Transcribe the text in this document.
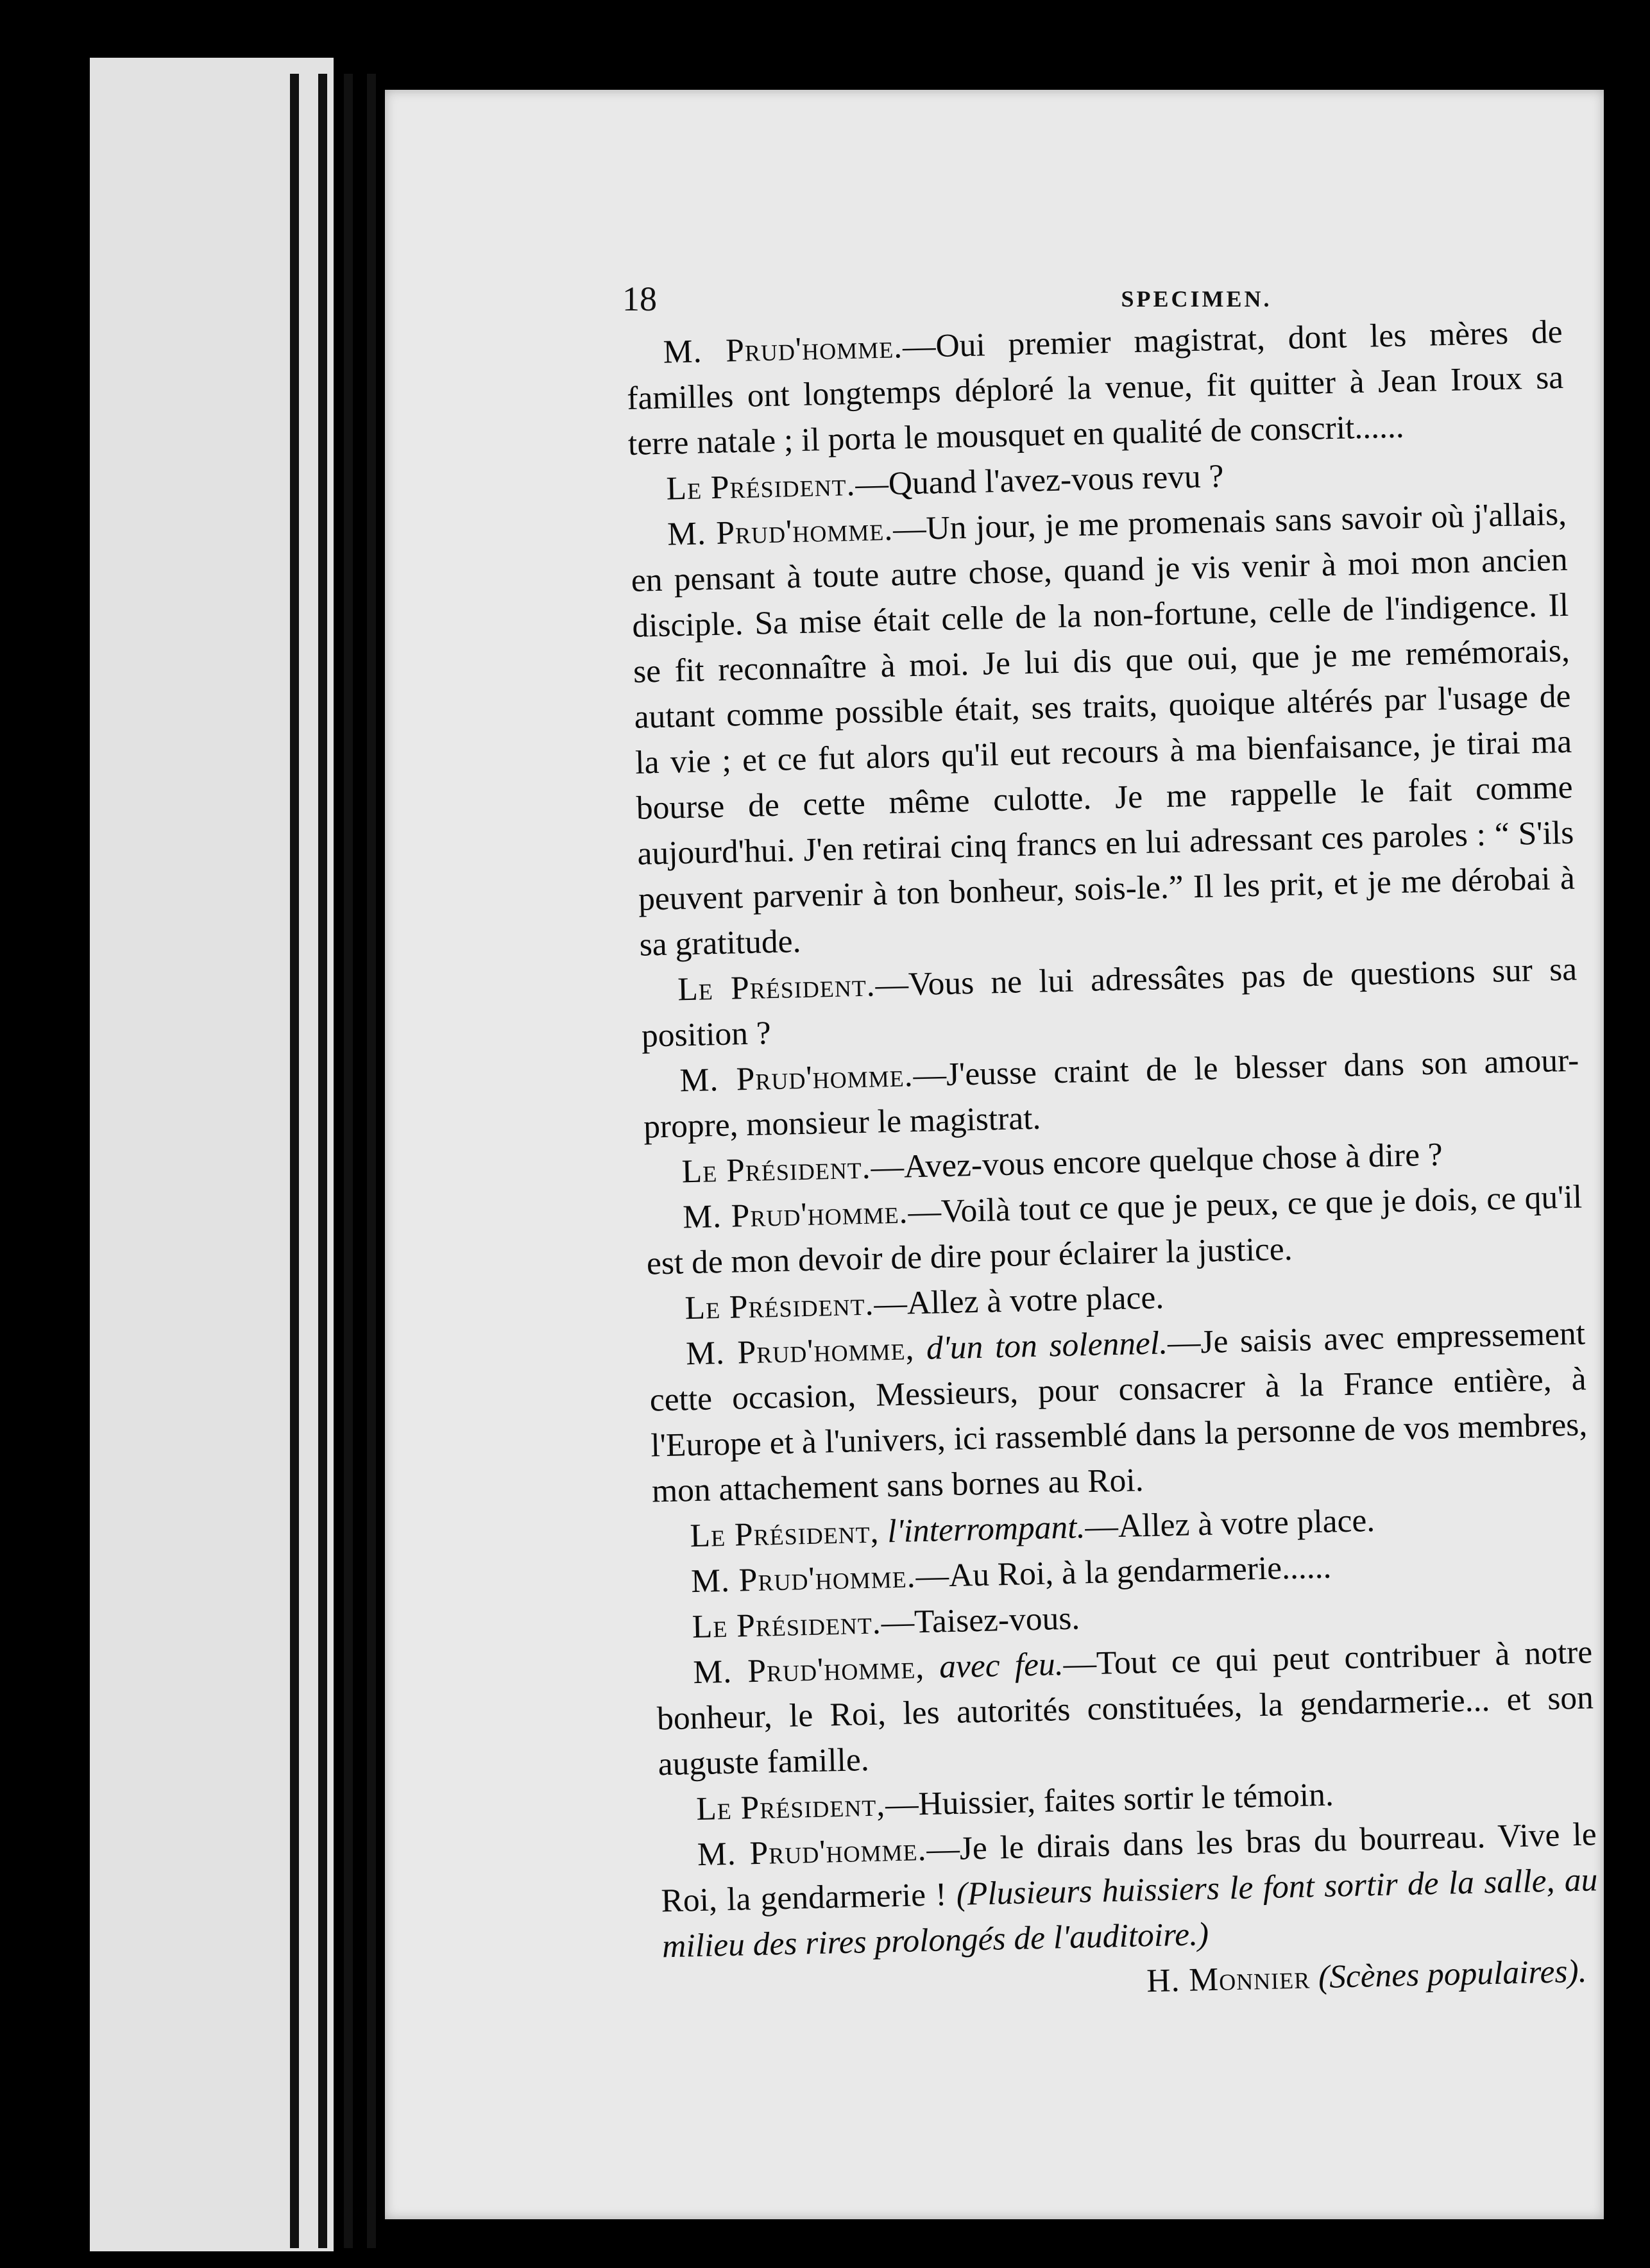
18	SPECIMEN.

M. Prud'homme.—Oui premier magistrat, dont les mères de familles ont longtemps déploré la venue, fit quitter à Jean Iroux sa terre natale ; il porta le mousquet en qualité de conscrit......

Le Président.—Quand l'avez-vous revu ?

M. Prud'homme.—Un jour, je me promenais sans savoir où j'allais, en pensant à toute autre chose, quand je vis venir à moi mon ancien disciple. Sa mise était celle de la non-fortune, celle de l'indigence. Il se fit reconnaître à moi. Je lui dis que oui, que je me remémorais, autant comme possible était, ses traits, quoique altérés par l'usage de la vie ; et ce fut alors qu'il eut recours à ma bienfaisance, je tirai ma bourse de cette même culotte. Je me rappelle le fait comme aujourd'hui. J'en retirai cinq francs en lui adressant ces paroles : “ S'ils peuvent parvenir à ton bonheur, sois-le.” Il les prit, et je me dérobai à sa gratitude.

Le Président.—Vous ne lui adressâtes pas de questions sur sa position ?

M. Prud'homme.—J'eusse craint de le blesser dans son amour-propre, monsieur le magistrat.

Le Président.—Avez-vous encore quelque chose à dire ?

M. Prud'homme.—Voilà tout ce que je peux, ce que je dois, ce qu'il est de mon devoir de dire pour éclairer la justice.

Le Président.—Allez à votre place.

M. Prud'homme, d'un ton solennel.—Je saisis avec empressement cette occasion, Messieurs, pour consacrer à la France entière, à l'Europe et à l'univers, ici rassemblé dans la personne de vos membres, mon attachement sans bornes au Roi.

Le Président, l'interrompant.—Allez à votre place.

M. Prud'homme.—Au Roi, à la gendarmerie......

Le Président.—Taisez-vous.

M. Prud'homme, avec feu.—Tout ce qui peut contribuer à notre bonheur, le Roi, les autorités constituées, la gendarmerie... et son auguste famille.

Le Président,—Huissier, faites sortir le témoin.

M. Prud'homme.—Je le dirais dans les bras du bourreau. Vive le Roi, la gendarmerie ! (Plusieurs huissiers le font sortir de la salle, au milieu des rires prolongés de l'auditoire.)

H. Monnier (Scènes populaires).
